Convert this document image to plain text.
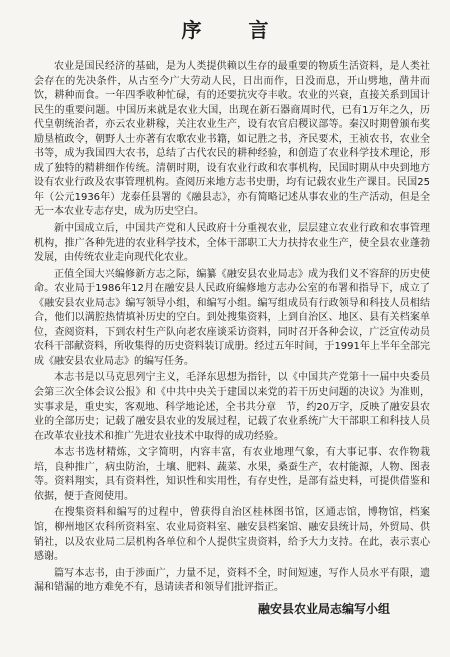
序 言

农业是国民经济的基础，是为人类提供赖以生存的最重要的物质生活资料，是人类社会存在的先决条件，从古至今广大劳动人民，日出而作，日没而息，开山劈地，凿井而饮，耕种而食。一年四季收种忙碌，有的还要抗灾夺丰收。农业的兴衰，直接关系到国计民生的重要问题。中国历来就是农业大国，出现在新石器商周时代，已有1万年之久，历代皇朝统治者，亦云农业耕稼，关注农业生产，设有农官启稷议部等。秦汉时期曾颁布奖励垦植政令，朝野人士亦著有农歌农业书籍，如记胜之书，齐民要术，王祯农书，农业全书等，成为我国四大农书，总结了古代农民的耕种经验，和创造了农业科学技术理论，形成了独特的精耕细作传统。清朝时期，设有农业行政和农事机构，民国时期从中央到地方设有农业行政及农事管理机构。查阅历来地方志书史册，均有记载农业生产课目。民国25年（公元1936年）龙泰任县署的《融县志》，亦有简略记述从事农业的生产活动，但是全无一本农业专志存史，成为历史空白。

新中国成立后，中国共产党和人民政府十分重视农业，层层建立农业行政和农事管理机构，推广各种先进的农业科学技术，全体干部职工大力扶持农业生产，使全县农业蓬勃发展，由传统农业走向现代化农业。

正值全国大兴编修新方志之际，编纂《融安县农业局志》成为我们义不容辞的历史使命。农业局于1986年12月在融安县人民政府编修地方志办公室的布署和指导下，成立了《融安县农业局志》编写领导小组，和编写小组。编写组成员有行政领导和科技人员相结合，他们以满腔热情填补历史的空白。到处搜集资料，上到自治区、地区、县有关档案单位，查阅资料，下到农村生产队向老农座谈采访资料，同时召开各种会议，广泛宣传动员农科干部献资料，所收集得的历史资料装订成册。经过五年时间，于1991年上半年全部完成《融安县农业局志》的编写任务。

本志书是以马克思列宁主义，毛泽东思想为指针，以《中国共产党第十一届中央委员会第三次全体会议公报》和《中共中央关于建国以来党的若干历史问题的决议》为准则，实事求是，重史实，客观地、科学地论述，全书共分章　节，约20万字，反映了融安县农业的全部历史；记载了融安县农业的发展过程，记载了农业系统广大干部职工和科技人员在改革农业技术和推广先进农业技术中取得的成功经验。

本志书选材精炼，文字简明，内容丰富，有农业地理气象，有大事记事、农作物栽培，良种推广，病虫防治，土壤、肥料、蔬菜、水果，桑蚕生产，农村能源，人物、图表等。资料翔实，具有资料性，知识性和实用性，有存史性，是部有益史料，可提供借鉴和依据，便于查阅使用。

在搜集资料和编写的过程中，曾获得自治区桂林图书馆，区通志馆，博物馆，档案馆，柳州地区农科所资料室、农业局资料室、融安县档案馆、融安县统计局，外贸局、供销社，以及农业局二层机构各单位和个人提供宝贵资料，给予大力支持。在此，表示衷心感谢。

篇写本志书，由于涉面广，力量不足，资料不全，时间短速，写作人员水平有限，遗漏和错漏的地方难免不有，恳请读者和领导们批评指正。

融安县农业局志编写小组
